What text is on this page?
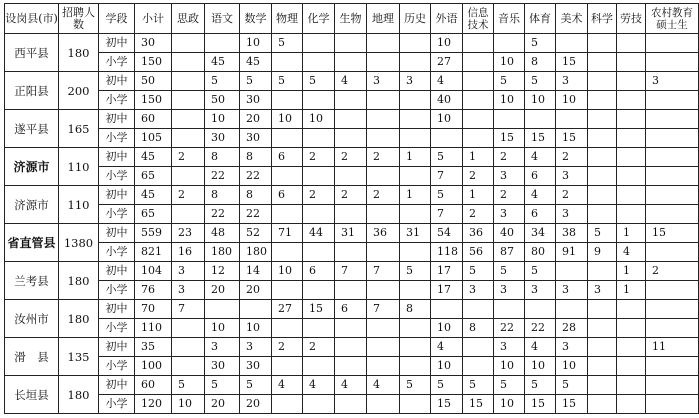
设岗县(市)	招聘人数	学段	小计	思政	语文	数学	物理	化学	生物	地理	历史	外语	信息技术	音乐	体育	美术	科学	劳技	农村教育硕士生
西平县	180	初中	30			10	5					10			5				
		小学	150		45	45						27		10	8	15			
正阳县	200	初中	50		5	5	5	5	4	3	3	4		5	5	3			3
		小学	150		50	30						40		10	10	10			
遂平县	165	初中	60		10	20	10	10				10							
		小学	105		30	30								15	15	15			
济源市	110	初中	45	2	8	8	6	2	2	2	1	5	1	2	4	2			
		小学	65		22	22						7	2	3	6	3			
济源市	110	初中	45	2	8	8	6	2	2	2	1	5	1	2	4	2			
		小学	65		22	22						7	2	3	6	3			
省直管县	1380	初中	559	23	48	52	71	44	31	36	31	54	36	40	34	38	5	1	15
		小学	821	16	180	180						118	56	87	80	91	9	4	
兰考县	180	初中	104	3	12	14	10	6	7	7	5	17	5	5	5			1	2
		小学	76	3	20	20						17	3	3	3	3	3	1	
汝州市	180	初中	70	7			27	15	6	7	8								
		小学	110		10	10						10	8	22	22	28			
滑　县	135	初中	35		3	3	2	2				4		3	4	3			11
		小学	100		30	30						10		10	10	10			
长垣县	180	初中	60	5	5	5	4	4	4	4	5	5	5	5	5	5			
		小学	120	10	20	20						15	15	10	15	15			
